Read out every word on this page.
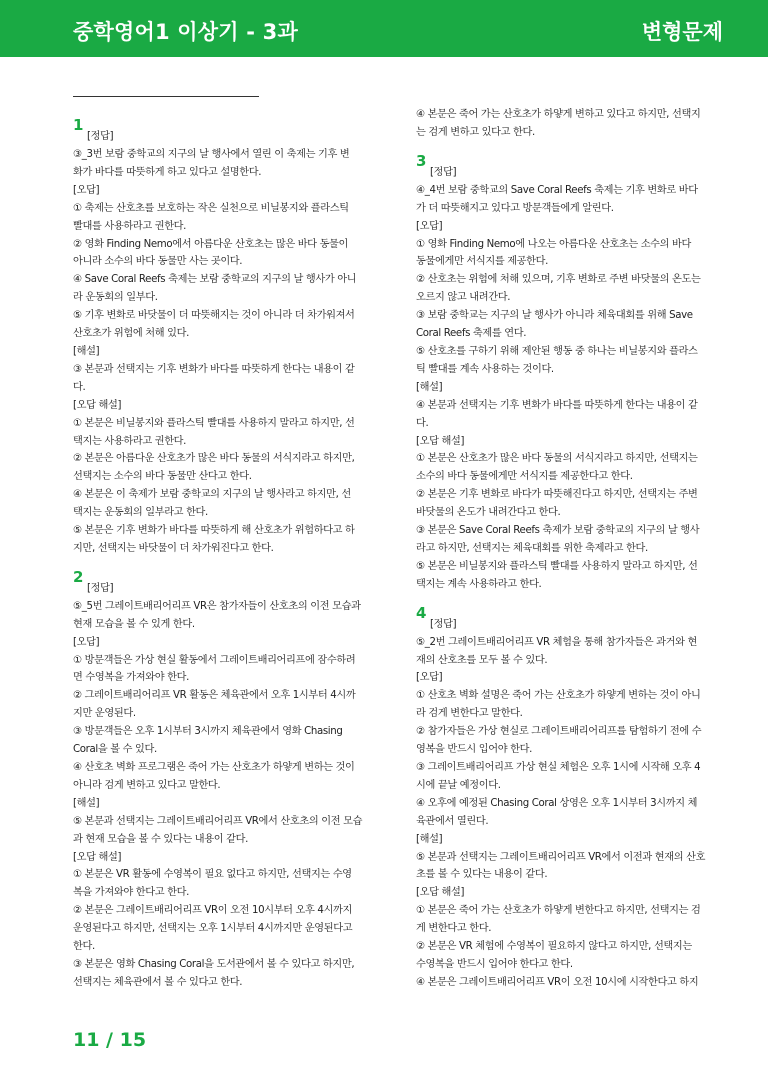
중학영어1 이상기 - 3과	변형문제
1
[정답]
③_3번 보람 중학교의 지구의 날 행사에서 열린 이 축제는 기후 변
화가 바다를 따뜻하게 하고 있다고 설명한다.
[오답]
① 축제는 산호초를 보호하는 작은 실천으로 비닐봉지와 플라스틱
빨대를 사용하라고 권한다.
② 영화 Finding Nemo에서 아름다운 산호초는 많은 바다 동물이
아니라 소수의 바다 동물만 사는 곳이다.
④ Save Coral Reefs 축제는 보람 중학교의 지구의 날 행사가 아니
라 운동회의 일부다.
⑤ 기후 변화로 바닷물이 더 따뜻해지는 것이 아니라 더 차가워져서
산호초가 위험에 처해 있다.
[해설]
③ 본문과 선택지는 기후 변화가 바다를 따뜻하게 한다는 내용이 같
다.
[오답 해설]
① 본문은 비닐봉지와 플라스틱 빨대를 사용하지 말라고 하지만, 선
택지는 사용하라고 권한다.
② 본문은 아름다운 산호초가 많은 바다 동물의 서식지라고 하지만,
선택지는 소수의 바다 동물만 산다고 한다.
④ 본문은 이 축제가 보람 중학교의 지구의 날 행사라고 하지만, 선
택지는 운동회의 일부라고 한다.
⑤ 본문은 기후 변화가 바다를 따뜻하게 해 산호초가 위험하다고 하
지만, 선택지는 바닷물이 더 차가워진다고 한다.
2
[정답]
⑤_5번 그레이트배리어리프 VR은 참가자들이 산호초의 이전 모습과
현재 모습을 볼 수 있게 한다.
[오답]
① 방문객들은 가상 현실 활동에서 그레이트배리어리프에 잠수하려
면 수영복을 가져와야 한다.
② 그레이트배리어리프 VR 활동은 체육관에서 오후 1시부터 4시까
지만 운영된다.
③ 방문객들은 오후 1시부터 3시까지 체육관에서 영화 Chasing
Coral을 볼 수 있다.
④ 산호초 벽화 프로그램은 죽어 가는 산호초가 하얗게 변하는 것이
아니라 검게 변하고 있다고 말한다.
[해설]
⑤ 본문과 선택지는 그레이트배리어리프 VR에서 산호초의 이전 모습
과 현재 모습을 볼 수 있다는 내용이 같다.
[오답 해설]
① 본문은 VR 활동에 수영복이 필요 없다고 하지만, 선택지는 수영
복을 가져와야 한다고 한다.
② 본문은 그레이트배리어리프 VR이 오전 10시부터 오후 4시까지
운영된다고 하지만, 선택지는 오후 1시부터 4시까지만 운영된다고
한다.
③ 본문은 영화 Chasing Coral을 도서관에서 볼 수 있다고 하지만,
선택지는 체육관에서 볼 수 있다고 한다.
④ 본문은 죽어 가는 산호초가 하얗게 변하고 있다고 하지만, 선택지
는 검게 변하고 있다고 한다.
3
[정답]
④_4번 보람 중학교의 Save Coral Reefs 축제는 기후 변화로 바다
가 더 따뜻해지고 있다고 방문객들에게 알린다.
[오답]
① 영화 Finding Nemo에 나오는 아름다운 산호초는 소수의 바다
동물에게만 서식지를 제공한다.
② 산호초는 위험에 처해 있으며, 기후 변화로 주변 바닷물의 온도는
오르지 않고 내려간다.
③ 보람 중학교는 지구의 날 행사가 아니라 체육대회를 위해 Save
Coral Reefs 축제를 연다.
⑤ 산호초를 구하기 위해 제안된 행동 중 하나는 비닐봉지와 플라스
틱 빨대를 계속 사용하는 것이다.
[해설]
④ 본문과 선택지는 기후 변화가 바다를 따뜻하게 한다는 내용이 같
다.
[오답 해설]
① 본문은 산호초가 많은 바다 동물의 서식지라고 하지만, 선택지는
소수의 바다 동물에게만 서식지를 제공한다고 한다.
② 본문은 기후 변화로 바다가 따뜻해진다고 하지만, 선택지는 주변
바닷물의 온도가 내려간다고 한다.
③ 본문은 Save Coral Reefs 축제가 보람 중학교의 지구의 날 행사
라고 하지만, 선택지는 체육대회를 위한 축제라고 한다.
⑤ 본문은 비닐봉지와 플라스틱 빨대를 사용하지 말라고 하지만, 선
택지는 계속 사용하라고 한다.
4
[정답]
⑤_2번 그레이트배리어리프 VR 체험을 통해 참가자들은 과거와 현
재의 산호초를 모두 볼 수 있다.
[오답]
① 산호초 벽화 설명은 죽어 가는 산호초가 하얗게 변하는 것이 아니
라 검게 변한다고 말한다.
② 참가자들은 가상 현실로 그레이트배리어리프를 탐험하기 전에 수
영복을 반드시 입어야 한다.
③ 그레이트배리어리프 가상 현실 체험은 오후 1시에 시작해 오후 4
시에 끝날 예정이다.
④ 오후에 예정된 Chasing Coral 상영은 오후 1시부터 3시까지 체
육관에서 열린다.
[해설]
⑤ 본문과 선택지는 그레이트배리어리프 VR에서 이전과 현재의 산호
초를 볼 수 있다는 내용이 같다.
[오답 해설]
① 본문은 죽어 가는 산호초가 하얗게 변한다고 하지만, 선택지는 검
게 변한다고 한다.
② 본문은 VR 체험에 수영복이 필요하지 않다고 하지만, 선택지는
수영복을 반드시 입어야 한다고 한다.
④ 본문은 그레이트배리어리프 VR이 오전 10시에 시작한다고 하지
11 / 15
